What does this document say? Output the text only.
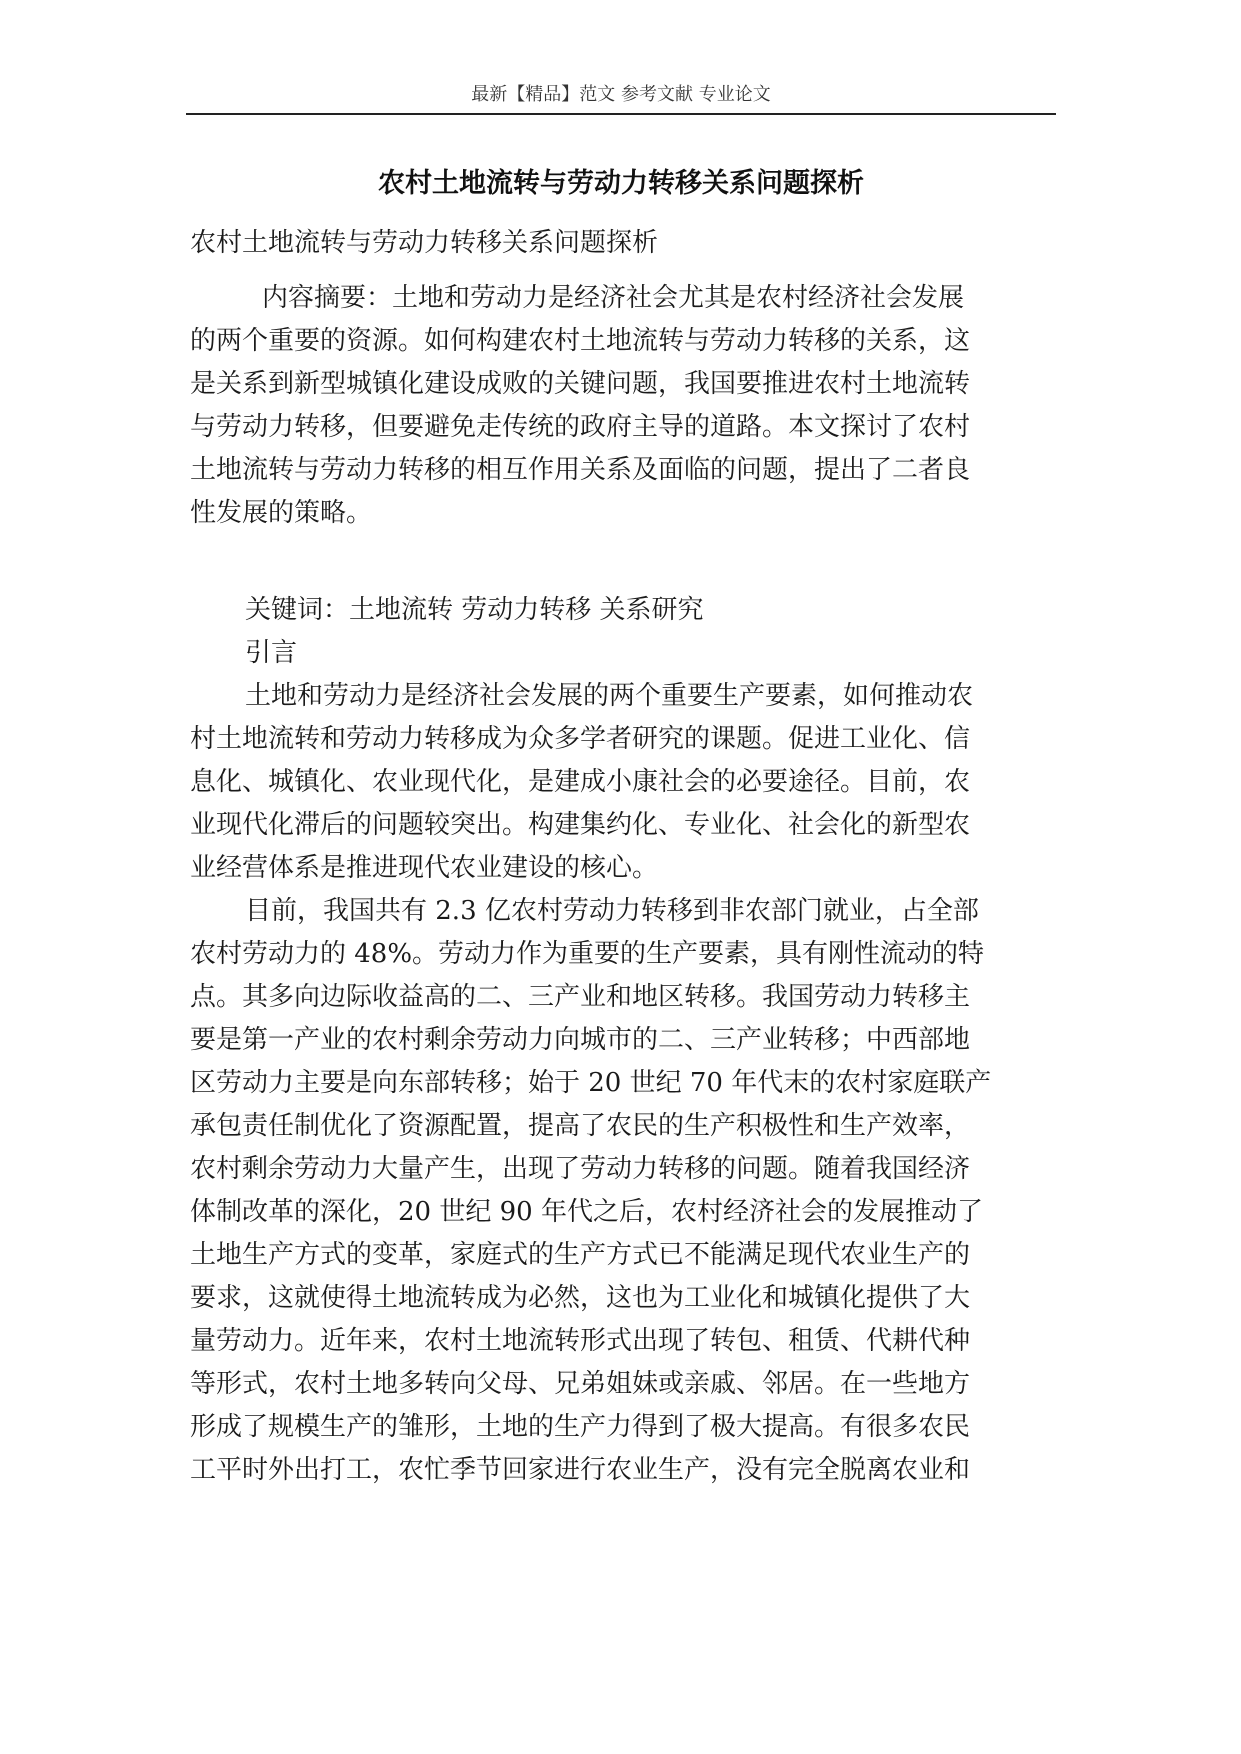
最新【精品】范文 参考文献 专业论文
农村土地流转与劳动力转移关系问题探析
农村土地流转与劳动力转移关系问题探析
内容摘要：土地和劳动力是经济社会尤其是农村经济社会发展
的两个重要的资源。如何构建农村土地流转与劳动力转移的关系，这
是关系到新型城镇化建设成败的关键问题，我国要推进农村土地流转
与劳动力转移，但要避免走传统的政府主导的道路。本文探讨了农村
土地流转与劳动力转移的相互作用关系及面临的问题，提出了二者良
性发展的策略。
关键词：土地流转 劳动力转移 关系研究
引言
土地和劳动力是经济社会发展的两个重要生产要素，如何推动农
村土地流转和劳动力转移成为众多学者研究的课题。促进工业化、信
息化、城镇化、农业现代化，是建成小康社会的必要途径。目前，农
业现代化滞后的问题较突出。构建集约化、专业化、社会化的新型农
业经营体系是推进现代农业建设的核心。
目前，我国共有 2.3 亿农村劳动力转移到非农部门就业，占全部
农村劳动力的 48%。劳动力作为重要的生产要素，具有刚性流动的特
点。其多向边际收益高的二、三产业和地区转移。我国劳动力转移主
要是第一产业的农村剩余劳动力向城市的二、三产业转移；中西部地
区劳动力主要是向东部转移；始于 20 世纪 70 年代末的农村家庭联产
承包责任制优化了资源配置，提高了农民的生产积极性和生产效率，
农村剩余劳动力大量产生，出现了劳动力转移的问题。随着我国经济
体制改革的深化，20 世纪 90 年代之后，农村经济社会的发展推动了
土地生产方式的变革，家庭式的生产方式已不能满足现代农业生产的
要求，这就使得土地流转成为必然，这也为工业化和城镇化提供了大
量劳动力。近年来，农村土地流转形式出现了转包、租赁、代耕代种
等形式，农村土地多转向父母、兄弟姐妹或亲戚、邻居。在一些地方
形成了规模生产的雏形，土地的生产力得到了极大提高。有很多农民
工平时外出打工，农忙季节回家进行农业生产，没有完全脱离农业和
